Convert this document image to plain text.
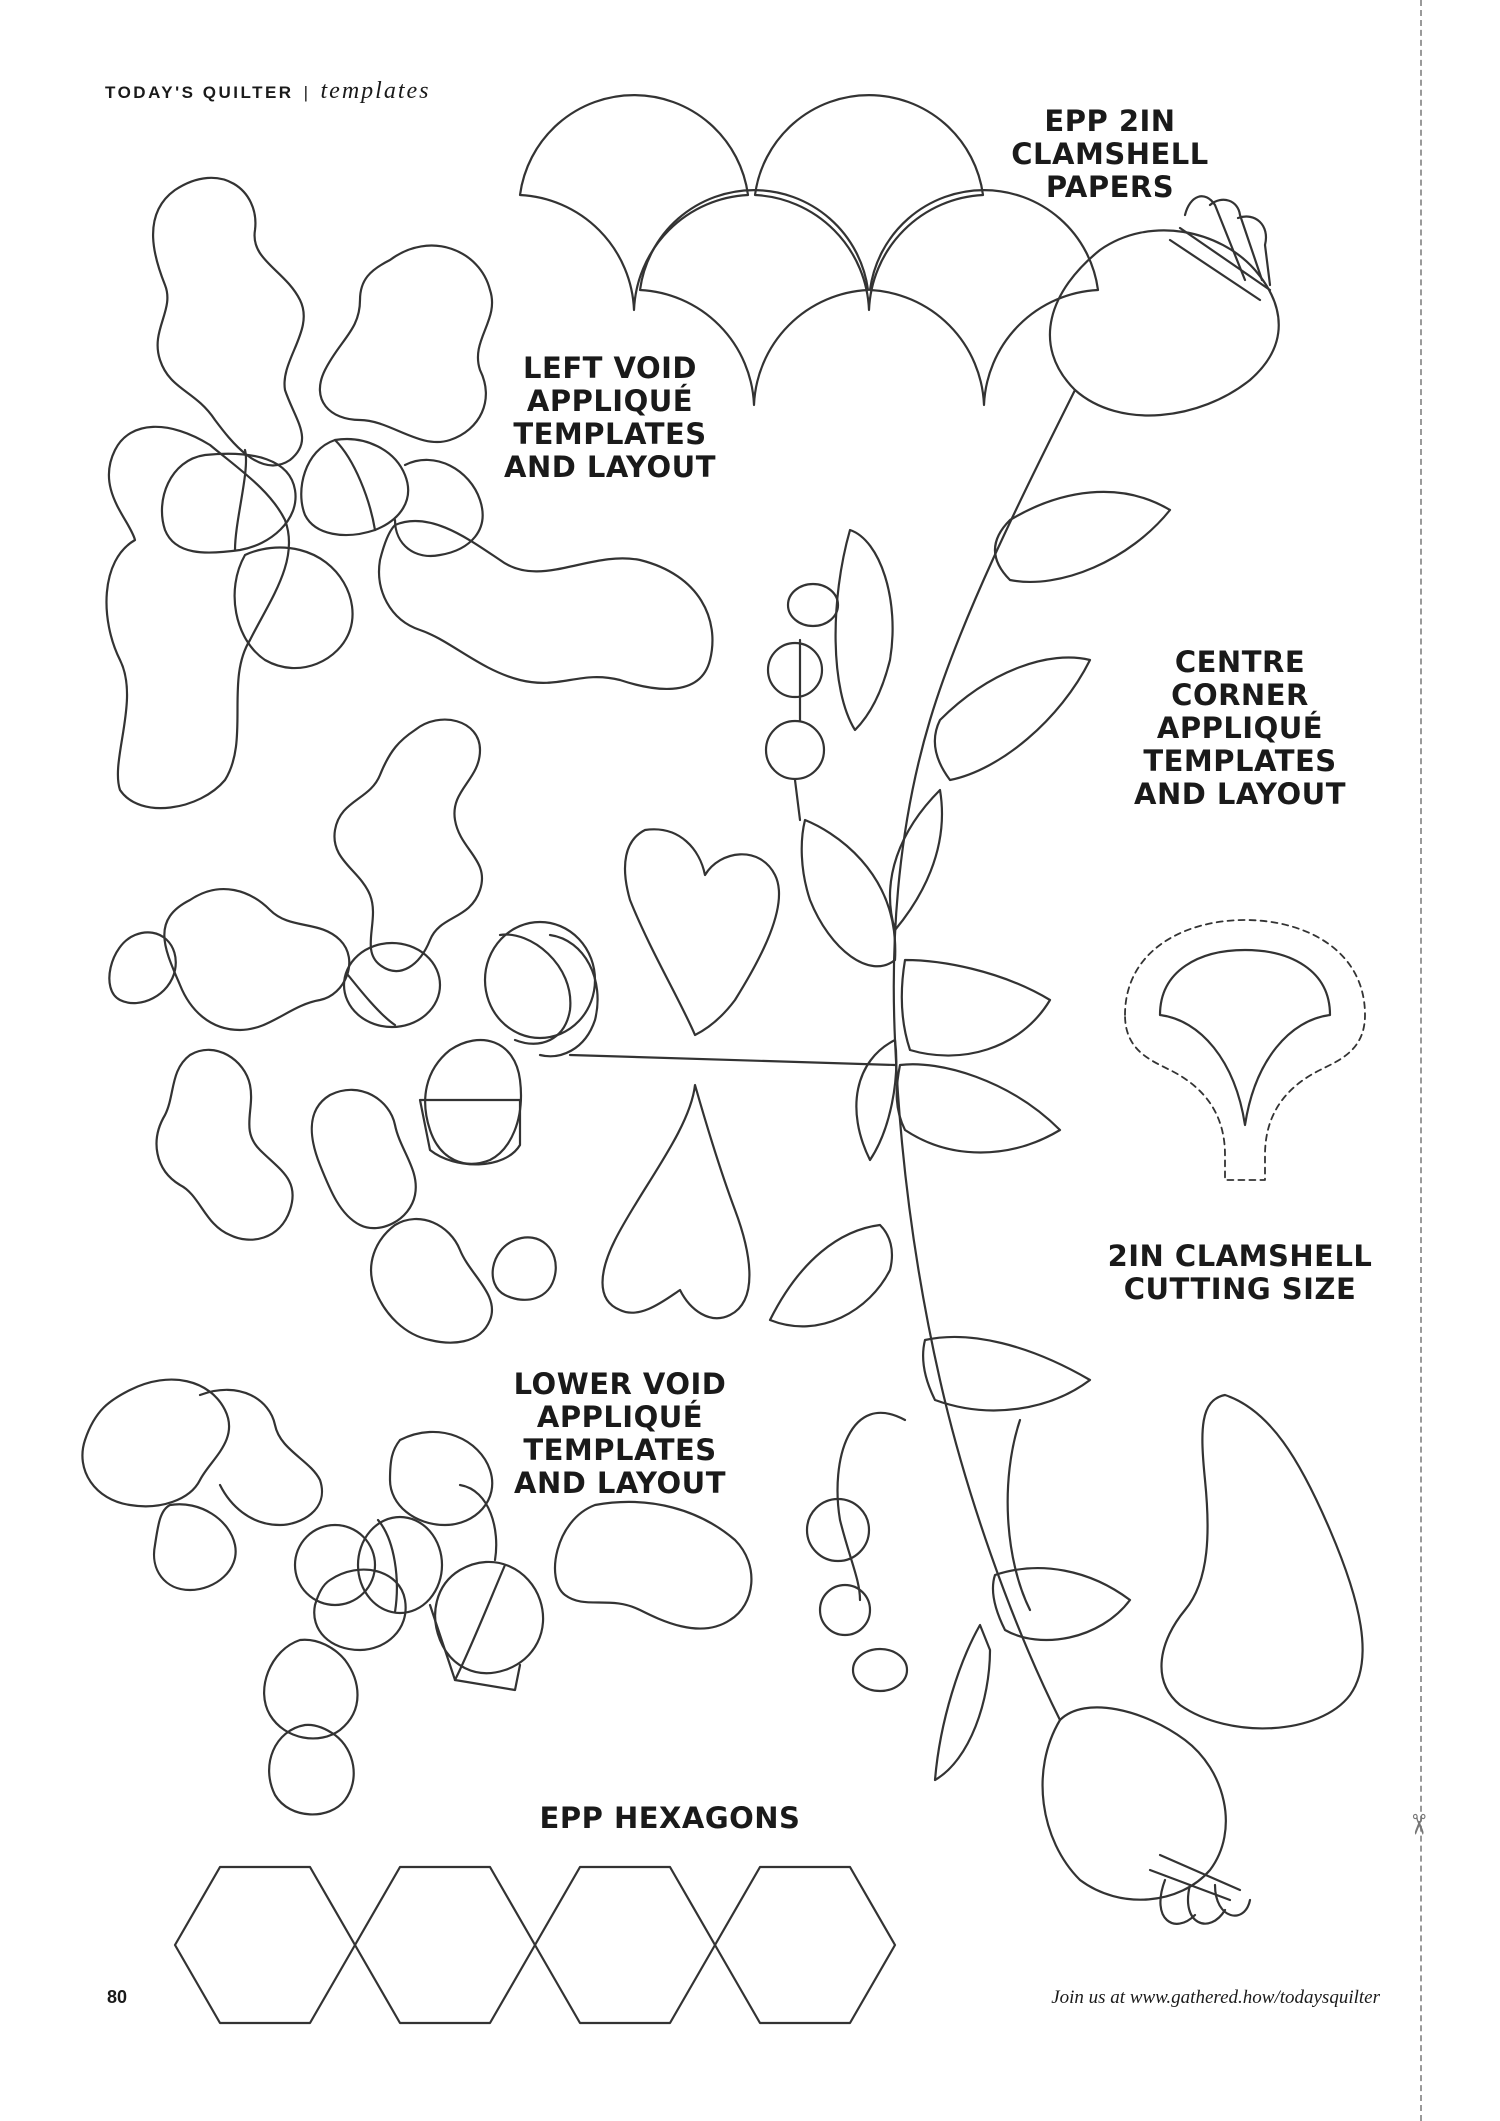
✂
TODAY'S QUILTER | templates
EPP 2IN
CLAMSHELL
PAPERS
LEFT VOID
APPLIQUÉ
TEMPLATES
AND LAYOUT
CENTRE
CORNER
APPLIQUÉ
TEMPLATES
AND LAYOUT
2IN CLAMSHELL
CUTTING SIZE
LOWER VOID
APPLIQUÉ
TEMPLATES
AND LAYOUT
EPP HEXAGONS
80	Join us at www.gathered.how/todaysquilter
